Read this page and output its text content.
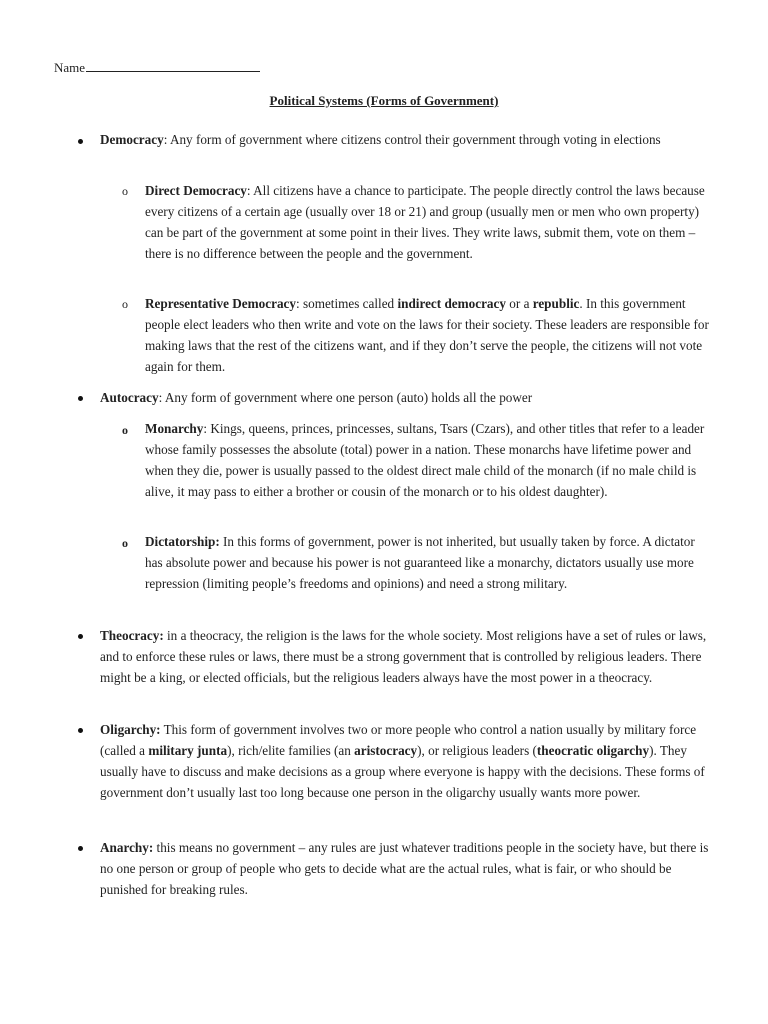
Name
Political Systems (Forms of Government)
Democracy: Any form of government where citizens control their government through voting in elections
o Direct Democracy: All citizens have a chance to participate. The people directly control the laws because every citizens of a certain age (usually over 18 or 21) and group (usually men or men who own property) can be part of the government at some point in their lives. They write laws, submit them, vote on them – there is no difference between the people and the government.
o Representative Democracy: sometimes called indirect democracy or a republic. In this government people elect leaders who then write and vote on the laws for their society. These leaders are responsible for making laws that the rest of the citizens want, and if they don’t serve the people, the citizens will not vote again for them.
Autocracy: Any form of government where one person (auto) holds all the power
o Monarchy: Kings, queens, princes, princesses, sultans, Tsars (Czars), and other titles that refer to a leader whose family possesses the absolute (total) power in a nation. These monarchs have lifetime power and when they die, power is usually passed to the oldest direct male child of the monarch (if no male child is alive, it may pass to either a brother or cousin of the monarch or to his oldest daughter).
o Dictatorship: In this forms of government, power is not inherited, but usually taken by force. A dictator has absolute power and because his power is not guaranteed like a monarchy, dictators usually use more repression (limiting people’s freedoms and opinions) and need a strong military.
Theocracy: in a theocracy, the religion is the laws for the whole society. Most religions have a set of rules or laws, and to enforce these rules or laws, there must be a strong government that is controlled by religious leaders. There might be a king, or elected officials, but the religious leaders always have the most power in a theocracy.
Oligarchy: This form of government involves two or more people who control a nation usually by military force (called a military junta), rich/elite families (an aristocracy), or religious leaders (theocratic oligarchy). They usually have to discuss and make decisions as a group where everyone is happy with the decisions. These forms of government don’t usually last too long because one person in the oligarchy usually wants more power.
Anarchy: this means no government – any rules are just whatever traditions people in the society have, but there is no one person or group of people who gets to decide what are the actual rules, what is fair, or who should be punished for breaking rules.
